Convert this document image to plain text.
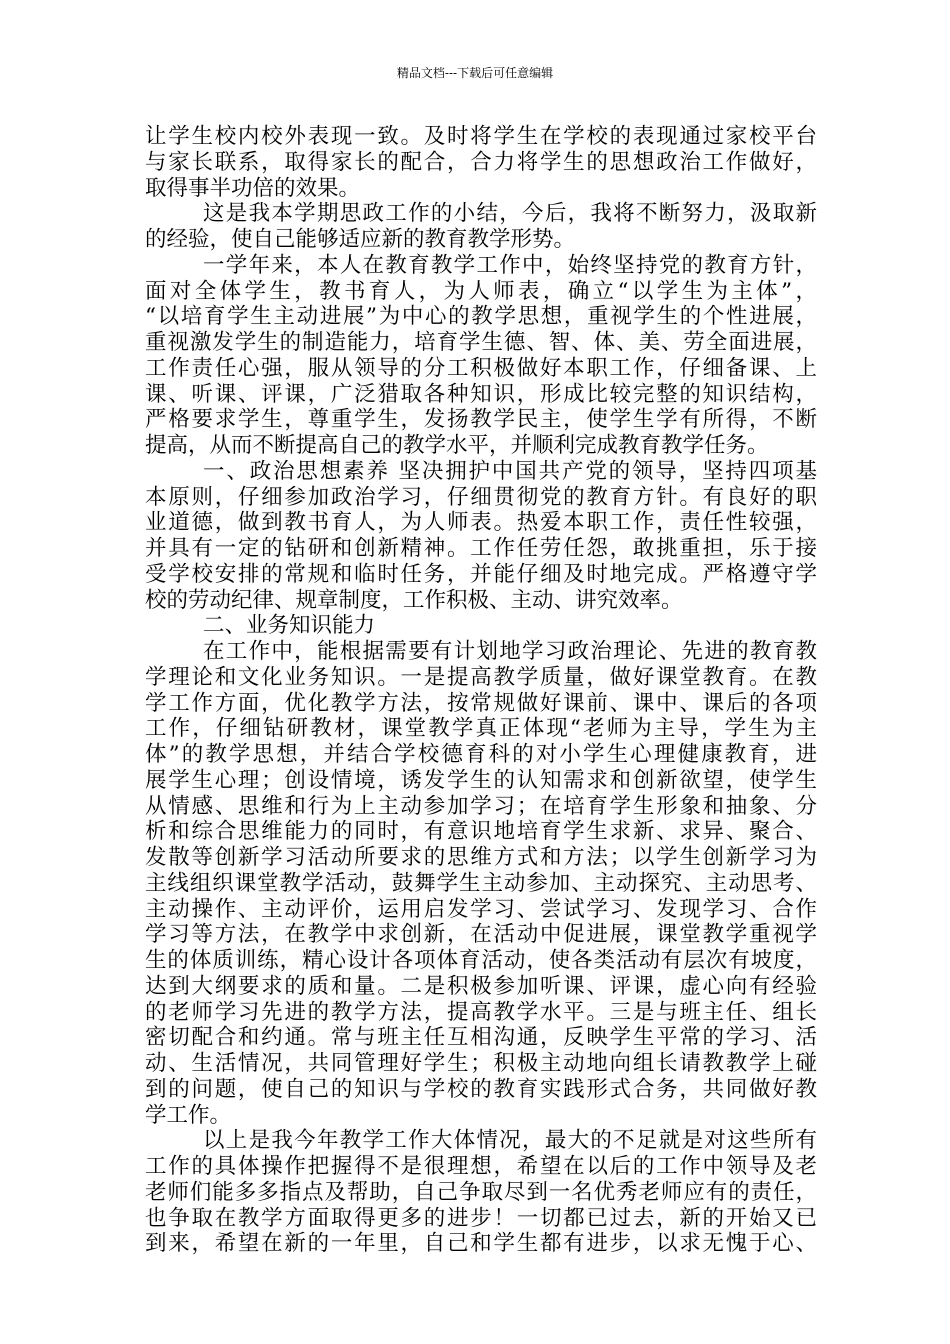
精品文档---下载后可任意编辑
让学生校内校外表现一致。及时将学生在学校的表现通过家校平台
与家长联系，取得家长的配合，合力将学生的思想政治工作做好，
取得事半功倍的效果。
这是我本学期思政工作的小结，今后，我将不断努力，汲取新
的经验，使自己能够适应新的教育教学形势。
一学年来，本人在教育教学工作中，始终坚持党的教育方针，
面对全体学生，教书育人，为人师表，确立“以学生为主体”，
“以培育学生主动进展”为中心的教学思想，重视学生的个性进展，
重视激发学生的制造能力，培育学生德、智、体、美、劳全面进展，
工作责任心强，服从领导的分工积极做好本职工作，仔细备课、上
课、听课、评课，广泛猎取各种知识，形成比较完整的知识结构，
严格要求学生，尊重学生，发扬教学民主，使学生学有所得，不断
提高，从而不断提高自己的教学水平，并顺利完成教育教学任务。
一、政治思想素养 坚决拥护中国共产党的领导，坚持四项基
本原则，仔细参加政治学习，仔细贯彻党的教育方针。有良好的职
业道德，做到教书育人，为人师表。热爱本职工作，责任性较强，
并具有一定的钻研和创新精神。工作任劳任怨，敢挑重担，乐于接
受学校安排的常规和临时任务，并能仔细及时地完成。严格遵守学
校的劳动纪律、规章制度，工作积极、主动、讲究效率。
二、业务知识能力
在工作中，能根据需要有计划地学习政治理论、先进的教育教
学理论和文化业务知识。一是提高教学质量，做好课堂教育。在教
学工作方面，优化教学方法，按常规做好课前、课中、课后的各项
工作，仔细钻研教材，课堂教学真正体现“老师为主导，学生为主
体”的教学思想，并结合学校德育科的对小学生心理健康教育，进
展学生心理；创设情境，诱发学生的认知需求和创新欲望，使学生
从情感、思维和行为上主动参加学习；在培育学生形象和抽象、分
析和综合思维能力的同时，有意识地培育学生求新、求异、聚合、
发散等创新学习活动所要求的思维方式和方法；以学生创新学习为
主线组织课堂教学活动，鼓舞学生主动参加、主动探究、主动思考、
主动操作、主动评价，运用启发学习、尝试学习、发现学习、合作
学习等方法，在教学中求创新，在活动中促进展，课堂教学重视学
生的体质训练，精心设计各项体育活动，使各类活动有层次有坡度，
达到大纲要求的质和量。二是积极参加听课、评课，虚心向有经验
的老师学习先进的教学方法，提高教学水平。三是与班主任、组长
密切配合和约通。常与班主任互相沟通，反映学生平常的学习、活
动、生活情况，共同管理好学生；积极主动地向组长请教教学上碰
到的问题，使自己的知识与学校的教育实践形式合务，共同做好教
学工作。
以上是我今年教学工作大体情况，最大的不足就是对这些所有
工作的具体操作把握得不是很理想，希望在以后的工作中领导及老
老师们能多多指点及帮助，自己争取尽到一名优秀老师应有的责任，
也争取在教学方面取得更多的进步！一切都已过去，新的开始又已
到来，希望在新的一年里，自己和学生都有进步，以求无愧于心、
